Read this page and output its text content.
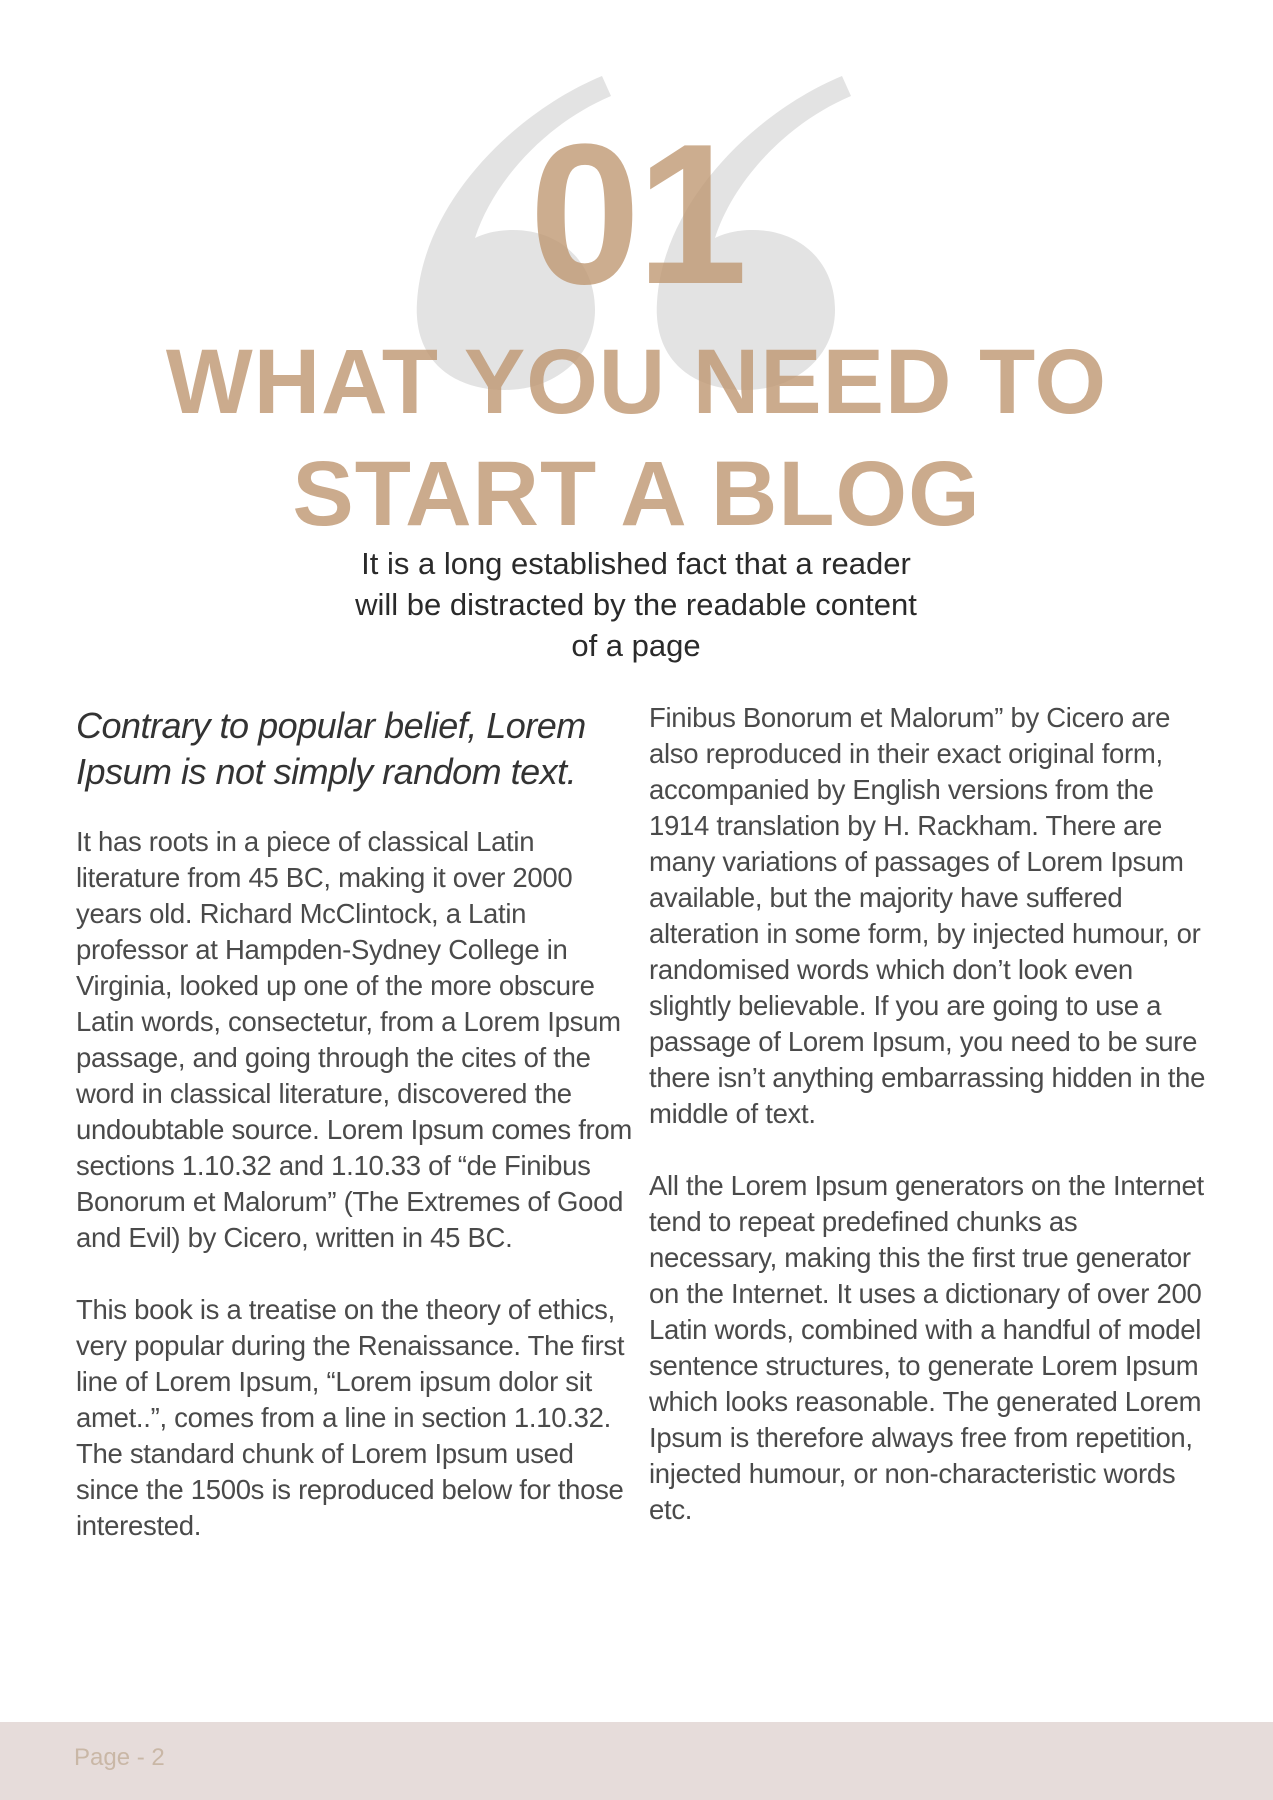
01
WHAT YOU NEED TO
START A BLOG

It is a long established fact that a reader
will be distracted by the readable content
of a page

Contrary to popular belief, Lorem Ipsum is not simply random text.

It has roots in a piece of classical Latin literature from 45 BC, making it over 2000 years old. Richard McClintock, a Latin professor at Hampden-Sydney College in Virginia, looked up one of the more obscure Latin words, consectetur, from a Lorem Ipsum passage, and going through the cites of the word in classical literature, discovered the undoubtable source. Lorem Ipsum comes from sections 1.10.32 and 1.10.33 of “de Finibus Bonorum et Malorum” (The Extremes of Good and Evil) by Cicero, written in 45 BC.

This book is a treatise on the theory of ethics, very popular during the Renaissance. The first line of Lorem Ipsum, “Lorem ipsum dolor sit amet..”, comes from a line in section 1.10.32. The standard chunk of Lorem Ipsum used since the 1500s is reproduced below for those interested.

Finibus Bonorum et Malorum” by Cicero are also reproduced in their exact original form, accompanied by English versions from the 1914 translation by H. Rackham. There are many variations of passages of Lorem Ipsum available, but the majority have suffered alteration in some form, by injected humour, or randomised words which don’t look even slightly believable. If you are going to use a passage of Lorem Ipsum, you need to be sure there isn’t anything embarrassing hidden in the middle of text.

All the Lorem Ipsum generators on the Internet tend to repeat predefined chunks as necessary, making this the first true generator on the Internet. It uses a dictionary of over 200 Latin words, combined with a handful of model sentence structures, to generate Lorem Ipsum which looks reasonable. The generated Lorem Ipsum is therefore always free from repetition, injected humour, or non-characteristic words etc.

Page - 2
